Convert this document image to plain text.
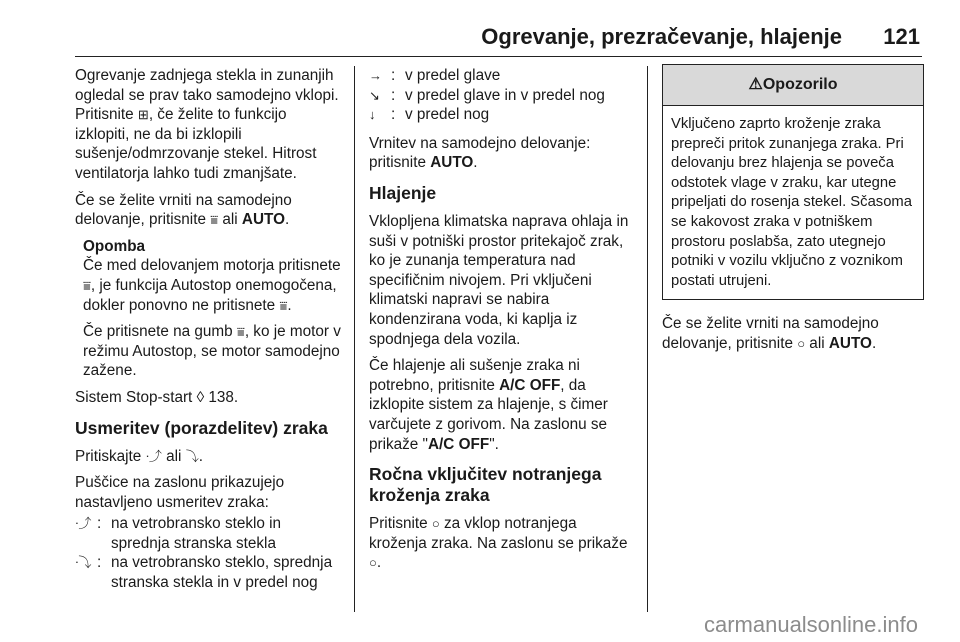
Ogrevanje, prezračevanje, hlajenje 121

Ogrevanje zadnjega stekla in zunanjih ogledal se prav tako samodejno vklopi. Pritisnite ⊞, če želite to funkcijo izklopiti, ne da bi izklopili sušenje/odmrzovanje stekel. Hitrost ventilatorja lahko tudi zmanjšate.

Če se želite vrniti na samodejno delovanje, pritisnite ⩸ ali AUTO.

Opomba

Če med delovanjem motorja pritisnete ⩸, je funkcija Autostop onemogočena, dokler ponovno ne pritisnete ⩸.

Če pritisnete na gumb ⩸, ko je motor v režimu Autostop, se motor samodejno zažene.

Sistem Stop-start ◊ 138.

Usmeritev (porazdelitev) zraka

Pritiskajte ᐧ⤴ ali ⤵.

Puščice na zaslonu prikazujejo nastavljeno usmeritev zraka:

ᐧ⤴ : na vetrobransko steklo in sprednja stranska stekla
ᐧ⤵ : na vetrobransko steklo, sprednja stranska stekla in v predel nog
→ : v predel glave
↘ : v predel glave in v predel nog
↓	: v predel nog

Vrnitev na samodejno delovanje: pritisnite AUTO.

Hlajenje

Vklopljena klimatska naprava ohlaja in suši v potniški prostor pritekajoč zrak, ko je zunanja temperatura nad specifičnim nivojem. Pri vključeni klimatski napravi se nabira kondenzirana voda, ki kaplja iz spodnjega dela vozila.

Če hlajenje ali sušenje zraka ni potrebno, pritisnite A/C OFF, da izklopite sistem za hlajenje, s čimer varčujete z gorivom. Na zaslonu se prikaže "A/C OFF".

Ročna vključitev notranjega kroženja zraka

Pritisnite ○ za vklop notranjega kroženja zraka. Na zaslonu se prikaže ○.

⚠Opozorilo
Vključeno zaprto kroženje zraka prepreči pritok zunanjega zraka. Pri delovanju brez hlajenja se poveča odstotek vlage v zraku, kar utegne pripeljati do rosenja stekel. Sčasoma se kakovost zraka v potniškem prostoru poslabša, zato utegnejo potniki v vozilu vključno z voznikom postati utrujeni.

Če se želite vrniti na samodejno delovanje, pritisnite ○ ali AUTO.

carmanualsonline.info
